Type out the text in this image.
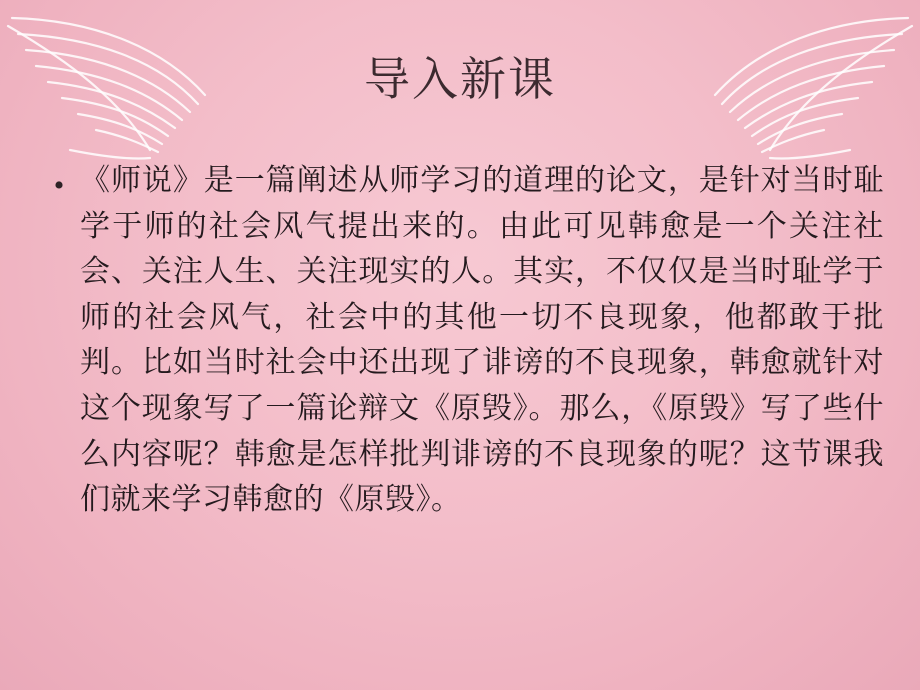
导入新课
• 《师说》是一篇阐述从师学习的道理的论文，是针对当时耻学于师的社会风气提出来的。由此可见韩愈是一个关注社会、关注人生、关注现实的人。其实，不仅仅是当时耻学于师的社会风气，社会中的其他一切不良现象，他都敢于批判。比如当时社会中还出现了诽谤的不良现象，韩愈就针对这个现象写了一篇论辩文《原毁》。那么，《原毁》写了些什么内容呢？韩愈是怎样批判诽谤的不良现象的呢？这节课我们就来学习韩愈的《原毁》。
